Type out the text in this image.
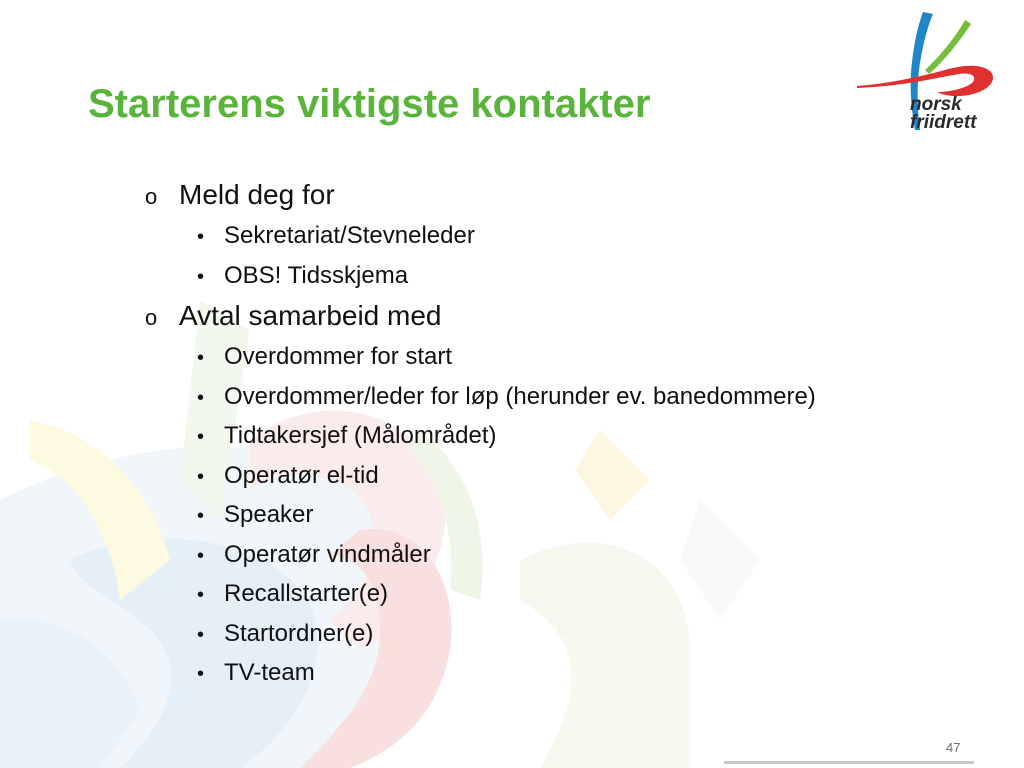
Starterens viktigste kontakter	norsk
friidrett
o Meld deg for
• Sekretariat/Stevneleder
• OBS! Tidsskjema
o Avtal samarbeid med
• Overdommer for start
• Overdommer/leder for løp (herunder ev. banedommere)
• Tidtakersjef (Målområdet)
• Operatør el-tid
• Speaker
• Operatør vindmåler
• Recallstarter(e)
• Startordner(e)
• TV-team
47
